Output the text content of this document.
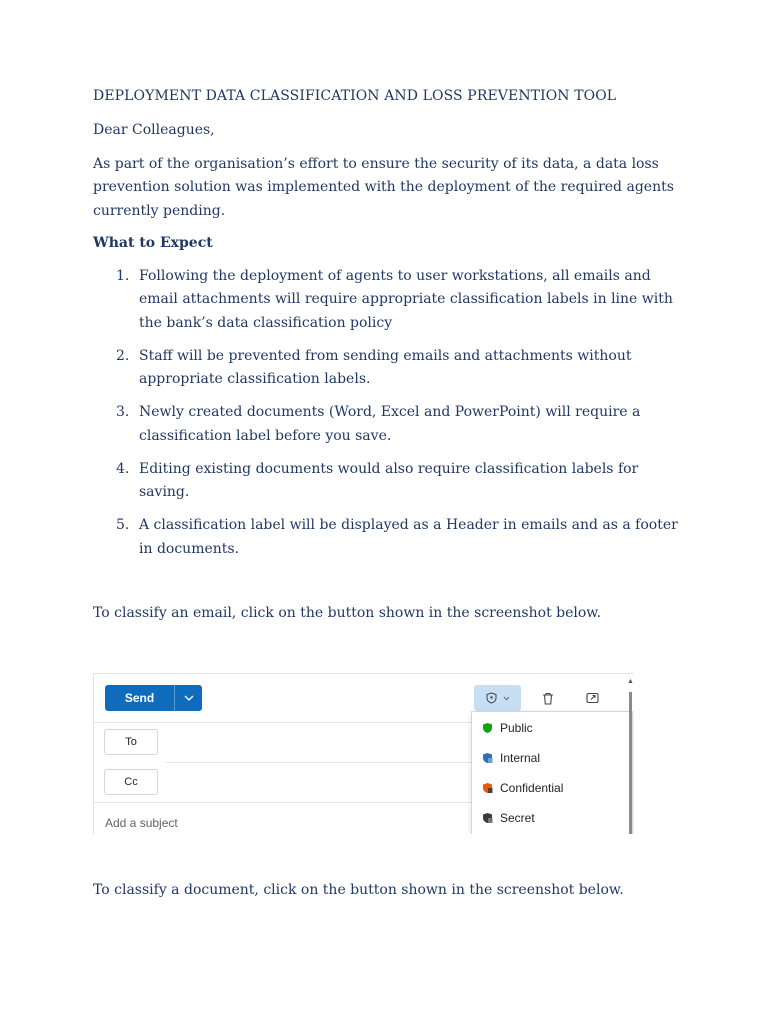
DEPLOYMENT DATA CLASSIFICATION AND LOSS PREVENTION TOOL

Dear Colleagues,

As part of the organisation’s effort to ensure the security of its data, a data loss prevention solution was implemented with the deployment of the required agents currently pending.

What to Expect

1. Following the deployment of agents to user workstations, all emails and email attachments will require appropriate classification labels in line with the bank’s data classification policy
2. Staff will be prevented from sending emails and attachments without appropriate classification labels.
3. Newly created documents (Word, Excel and PowerPoint) will require a classification label before you save.
4. Editing existing documents would also require classification labels for saving.
5. A classification label will be displayed as a Header in emails and as a footer in documents.

To classify an email, click on the button shown in the screenshot below.

Send
To
Cc
Add a subject
Public
Internal
Confidential
Secret
▲

To classify a document, click on the button shown in the screenshot below.
